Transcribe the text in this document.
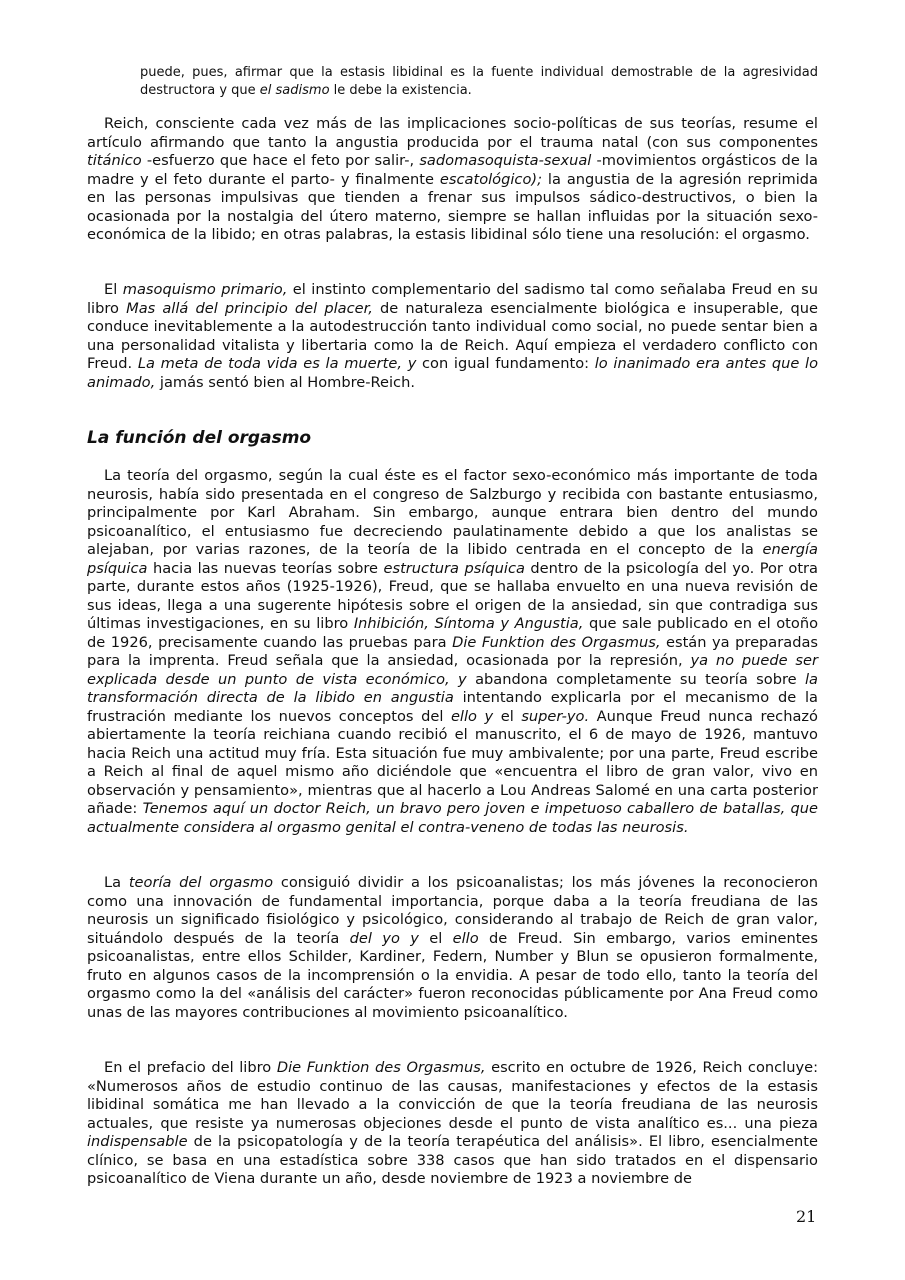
puede, pues, afirmar que la estasis libidinal es la fuente individual demostrable de la agresividad destructora y que el sadismo le debe la existencia.

Reich, consciente cada vez más de las implicaciones socio-políticas de sus teorías, resume el artículo afirmando que tanto la angustia producida por el trauma natal (con sus componentes titánico -esfuerzo que hace el feto por salir-, sadomasoquista-sexual -movimientos orgásticos de la madre y el feto durante el parto- y finalmente escatológico); la angustia de la agresión reprimida en las personas impulsivas que tienden a frenar sus impulsos sádico-destructivos, o bien la ocasionada por la nostalgia del útero materno, siempre se hallan influidas por la situación sexo-económica de la libido; en otras palabras, la estasis libidinal sólo tiene una resolución: el orgasmo.

El masoquismo primario, el instinto complementario del sadismo tal como señalaba Freud en su libro Mas allá del principio del placer, de naturaleza esencialmente biológica e insuperable, que conduce inevitablemente a la autodestrucción tanto individual como social, no puede sentar bien a una personalidad vitalista y libertaria como la de Reich. Aquí empieza el verdadero conflicto con Freud. La meta de toda vida es la muerte, y con igual fundamento: lo inanimado era antes que lo animado, jamás sentó bien al Hombre-Reich.

La función del orgasmo

La teoría del orgasmo, según la cual éste es el factor sexo-económico más importante de toda neurosis, había sido presentada en el congreso de Salzburgo y recibida con bastante entusiasmo, principalmente por Karl Abraham. Sin embargo, aunque entrara bien dentro del mundo psicoanalítico, el entusiasmo fue decreciendo paulatinamente debido a que los analistas se alejaban, por varias razones, de la teoría de la libido centrada en el concepto de la energía psíquica hacia las nuevas teorías sobre estructura psíquica dentro de la psicología del yo. Por otra parte, durante estos años (1925-1926), Freud, que se hallaba envuelto en una nueva revisión de sus ideas, llega a una sugerente hipótesis sobre el origen de la ansiedad, sin que contradiga sus últimas investigaciones, en su libro Inhibición, Síntoma y Angustia, que sale publicado en el otoño de 1926, precisamente cuando las pruebas para Die Funktion des Orgasmus, están ya preparadas para la imprenta. Freud señala que la ansiedad, ocasionada por la represión, ya no puede ser explicada desde un punto de vista económico, y abandona completamente su teoría sobre la transformación directa de la libido en angustia intentando explicarla por el mecanismo de la frustración mediante los nuevos conceptos del ello y el super-yo. Aunque Freud nunca rechazó abiertamente la teoría reichiana cuando recibió el manuscrito, el 6 de mayo de 1926, mantuvo hacia Reich una actitud muy fría. Esta situación fue muy ambivalente; por una parte, Freud escribe a Reich al final de aquel mismo año diciéndole que «encuentra el libro de gran valor, vivo en observación y pensamiento», mientras que al hacerlo a Lou Andreas Salomé en una carta posterior añade: Tenemos aquí un doctor Reich, un bravo pero joven e impetuoso caballero de batallas, que actualmente considera al orgasmo genital el contra-veneno de todas las neurosis.

La teoría del orgasmo consiguió dividir a los psicoanalistas; los más jóvenes la reconocieron como una innovación de fundamental importancia, porque daba a la teoría freudiana de las neurosis un significado fisiológico y psicológico, considerando al trabajo de Reich de gran valor, situándolo después de la teoría del yo y el ello de Freud. Sin embargo, varios eminentes psicoanalistas, entre ellos Schilder, Kardiner, Federn, Number y Blun se opusieron formalmente, fruto en algunos casos de la incomprensión o la envidia. A pesar de todo ello, tanto la teoría del orgasmo como la del «análisis del carácter» fueron reconocidas públicamente por Ana Freud como unas de las mayores contribuciones al movimiento psicoanalítico.

En el prefacio del libro Die Funktion des Orgasmus, escrito en octubre de 1926, Reich concluye: «Numerosos años de estudio continuo de las causas, manifestaciones y efectos de la estasis libidinal somática me han llevado a la convicción de que la teoría freudiana de las neurosis actuales, que resiste ya numerosas objeciones desde el punto de vista analítico es... una pieza indispensable de la psicopatología y de la teoría terapéutica del análisis». El libro, esencialmente clínico, se basa en una estadística sobre 338 casos que han sido tratados en el dispensario psicoanalítico de Viena durante un año, desde noviembre de 1923 a noviembre de

21
